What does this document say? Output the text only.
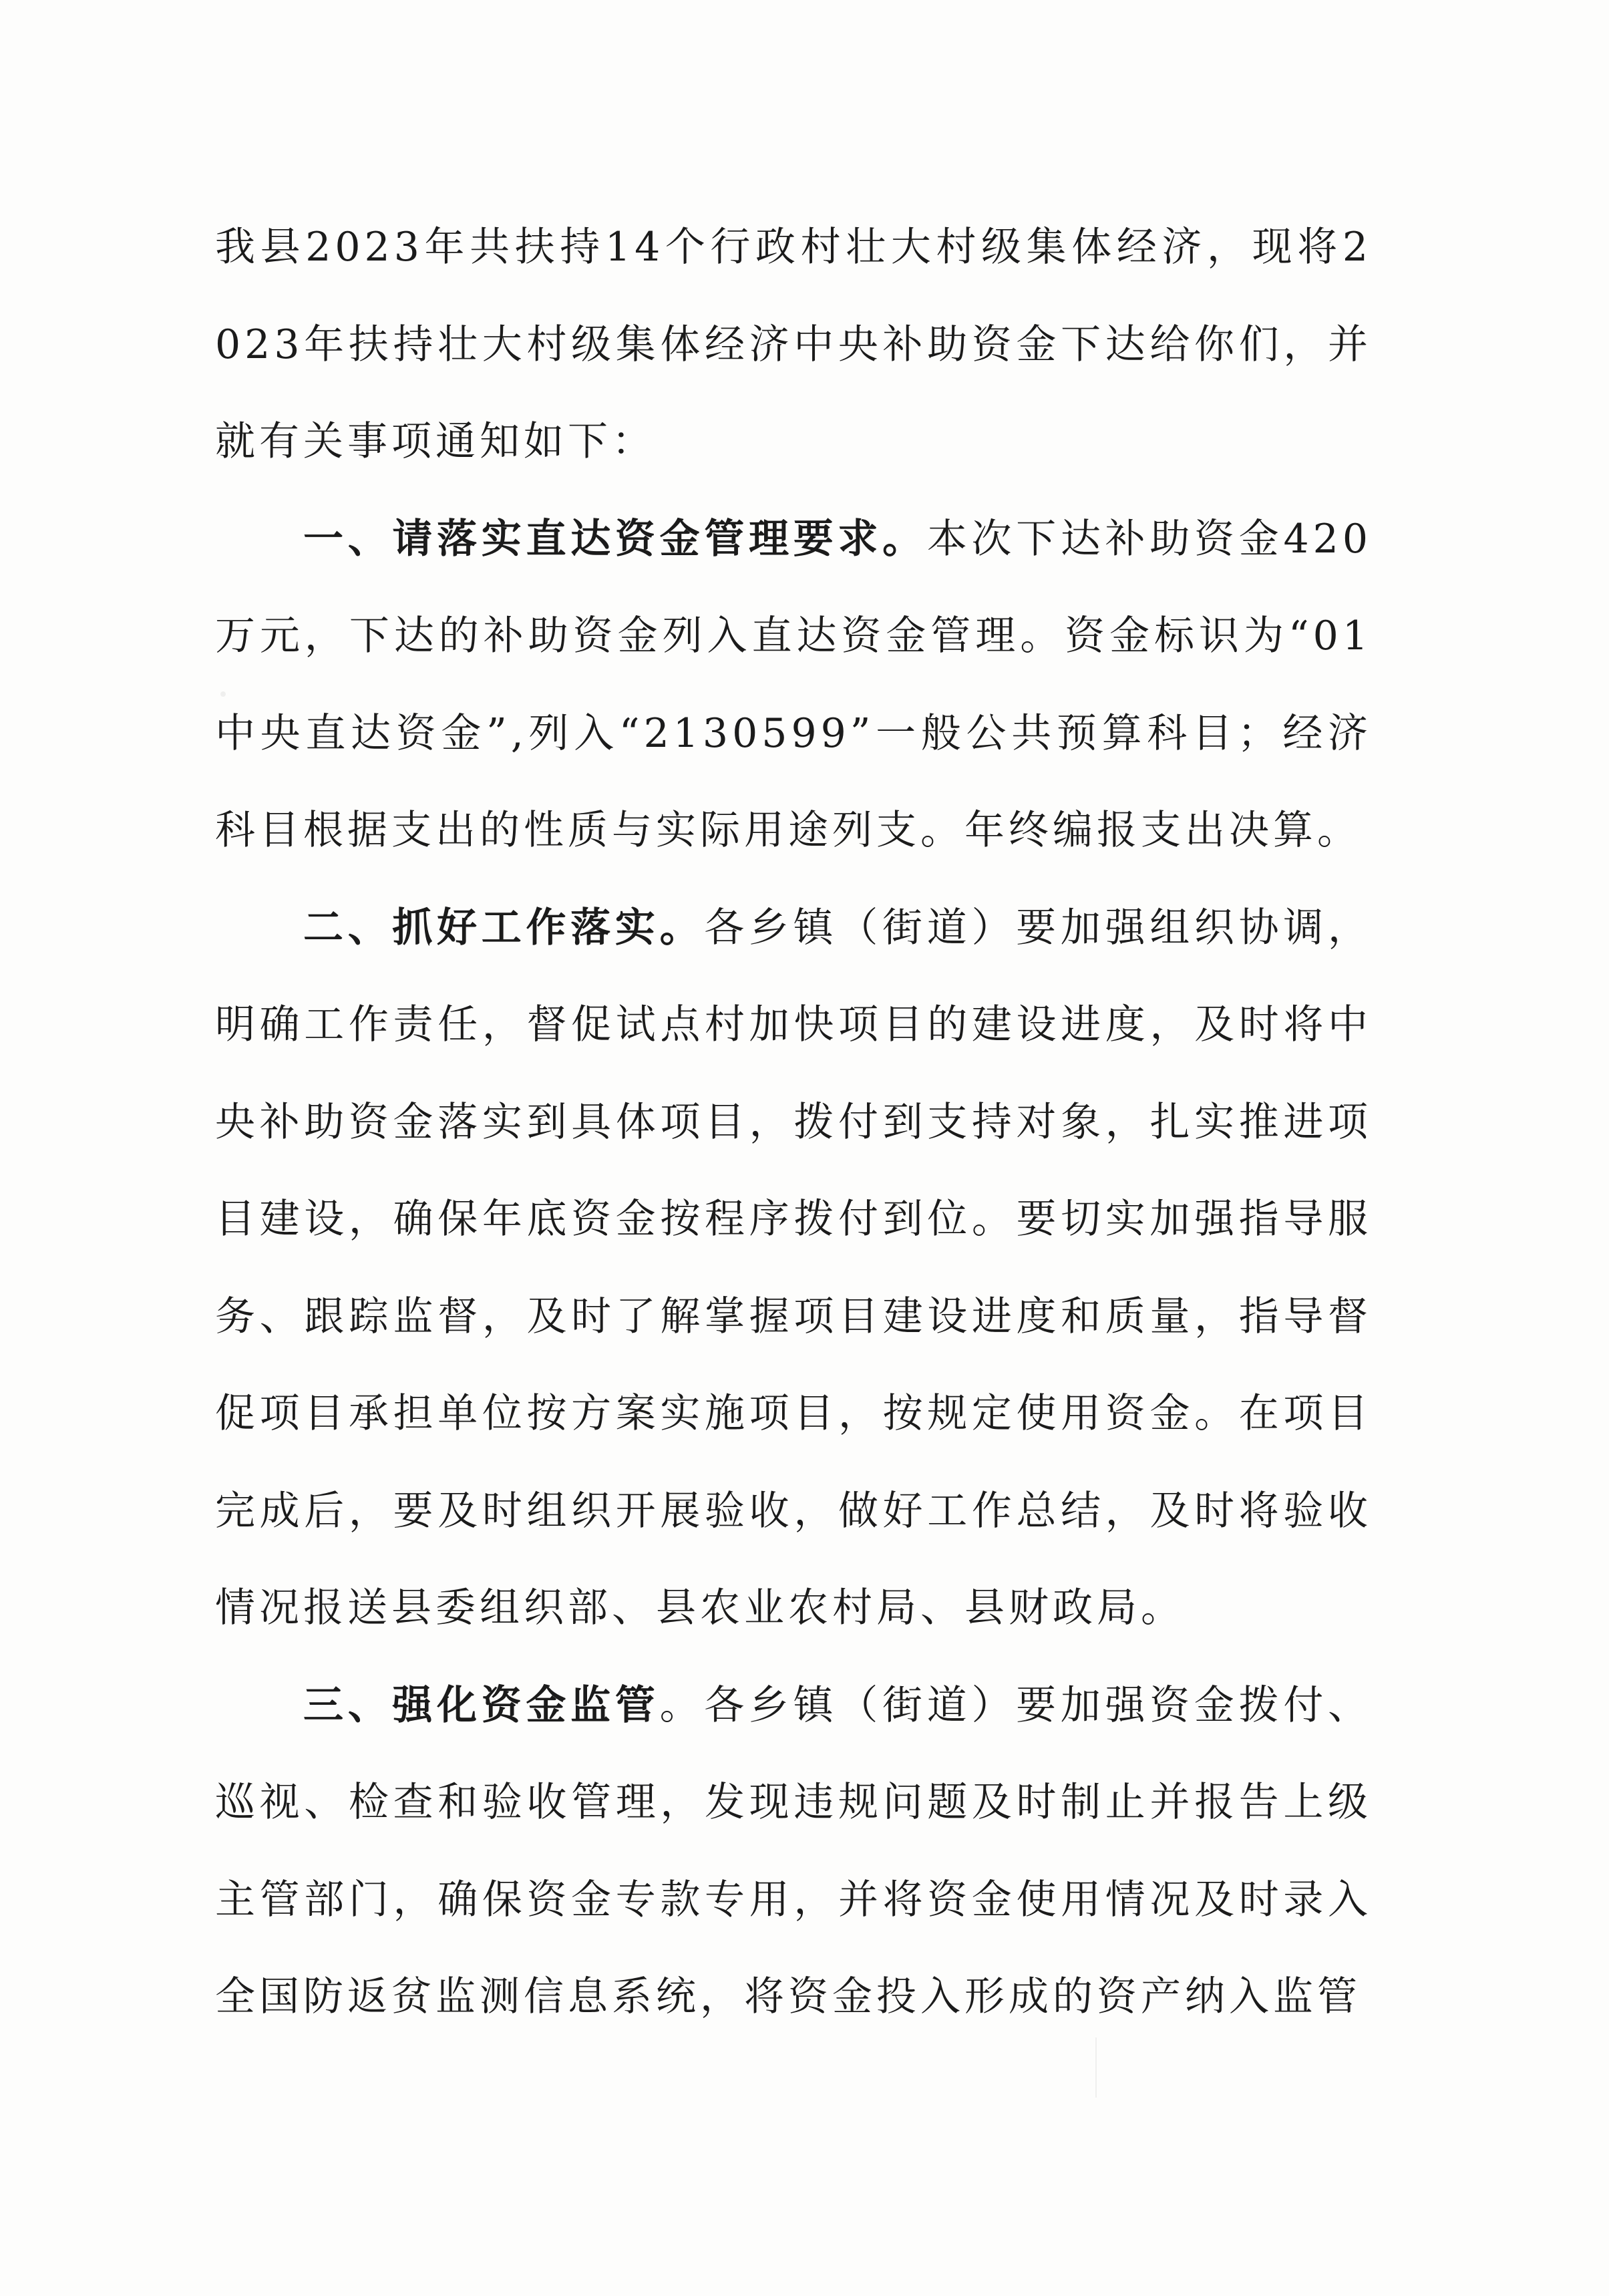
我县2023年共扶持14个行政村壮大村级集体经济，现将2023年扶持壮大村级集体经济中央补助资金下达给你们，并就有关事项通知如下：

一、请落实直达资金管理要求。本次下达补助资金420万元，下达的补助资金列入直达资金管理。资金标识为“01中央直达资金”,列入“2130599”一般公共预算科目；经济科目根据支出的性质与实际用途列支。年终编报支出决算。

二、抓好工作落实。各乡镇（街道）要加强组织协调，明确工作责任，督促试点村加快项目的建设进度，及时将中央补助资金落实到具体项目，拨付到支持对象，扎实推进项目建设，确保年底资金按程序拨付到位。要切实加强指导服务、跟踪监督，及时了解掌握项目建设进度和质量，指导督促项目承担单位按方案实施项目，按规定使用资金。在项目完成后，要及时组织开展验收，做好工作总结，及时将验收情况报送县委组织部、县农业农村局、县财政局。

三、强化资金监管。各乡镇（街道）要加强资金拨付、巡视、检查和验收管理，发现违规问题及时制止并报告上级主管部门，确保资金专款专用，并将资金使用情况及时录入全国防返贫监测信息系统，将资金投入形成的资产纳入监管
